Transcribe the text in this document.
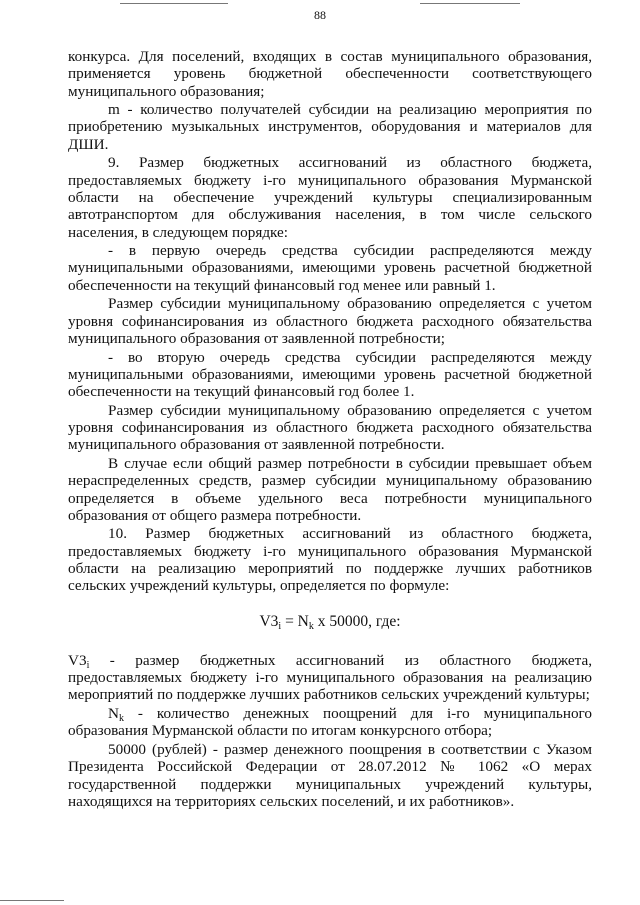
88

конкурса. Для поселений, входящих в состав муниципального образования, применяется уровень бюджетной обеспеченности соответствующего муниципального образования;

m - количество получателей субсидии на реализацию мероприятия по приобретению музыкальных инструментов, оборудования и материалов для ДШИ.

9. Размер бюджетных ассигнований из областного бюджета, предоставляемых бюджету i-го муниципального образования Мурманской области на обеспечение учреждений культуры специализированным автотранспортом для обслуживания населения, в том числе сельского населения, в следующем порядке:

- в первую очередь средства субсидии распределяются между муниципальными образованиями, имеющими уровень расчетной бюджетной обеспеченности на текущий финансовый год менее или равный 1.

Размер субсидии муниципальному образованию определяется с учетом уровня софинансирования из областного бюджета расходного обязательства муниципального образования от заявленной потребности;

- во вторую очередь средства субсидии распределяются между муниципальными образованиями, имеющими уровень расчетной бюджетной обеспеченности на текущий финансовый год более 1.

Размер субсидии муниципальному образованию определяется с учетом уровня софинансирования из областного бюджета расходного обязательства муниципального образования от заявленной потребности.

В случае если общий размер потребности в субсидии превышает объем нераспределенных средств, размер субсидии муниципальному образованию определяется в объеме удельного веса потребности муниципального образования от общего размера потребности.

10. Размер бюджетных ассигнований из областного бюджета, предоставляемых бюджету i-го муниципального образования Мурманской области на реализацию мероприятий по поддержке лучших работников сельских учреждений культуры, определяется по формуле:

$V3_i = N_k$ x 50000, где:

$V3_i$ - размер бюджетных ассигнований из областного бюджета, предоставляемых бюджету i-го муниципального образования на реализацию мероприятий по поддержке лучших работников сельских учреждений культуры;

$N_k$ - количество денежных поощрений для i-го муниципального образования Мурманской области по итогам конкурсного отбора;

50000 (рублей) - размер денежного поощрения в соответствии с Указом Президента Российской Федерации от 28.07.2012 № 1062 «О мерах государственной поддержки муниципальных учреждений культуры, находящихся на территориях сельских поселений, и их работников».
